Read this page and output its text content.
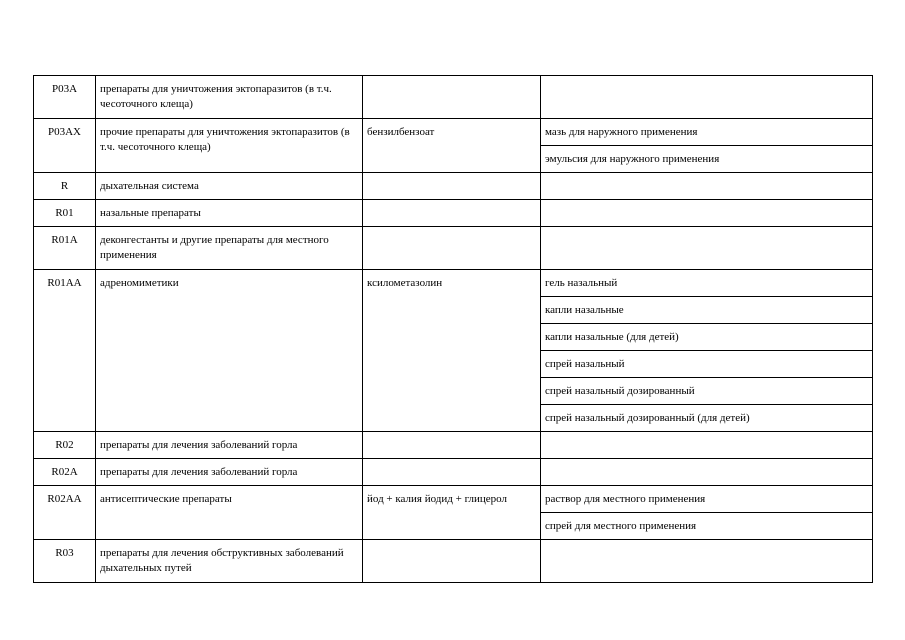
P03A	препараты для уничтожения эктопаразитов (в т.ч. чесоточного клеща)		
P03AX	прочие препараты для уничтожения эктопаразитов (в т.ч. чесоточного клеща)	бензилбензоат	мазь для наружного применения
			эмульсия для наружного применения
R	дыхательная система		
R01	назальные препараты		
R01A	деконгестанты и другие препараты для местного применения		
R01AA	адреномиметики	ксилометазолин	гель назальный
			капли назальные
			капли назальные (для детей)
			спрей назальный
			спрей назальный дозированный
			спрей назальный дозированный (для детей)
R02	препараты для лечения заболеваний горла		
R02A	препараты для лечения заболеваний горла		
R02AA	антисептические препараты	йод + калия йодид + глицерол	раствор для местного применения
			спрей для местного применения
R03	препараты для лечения обструктивных заболеваний дыхательных путей		
